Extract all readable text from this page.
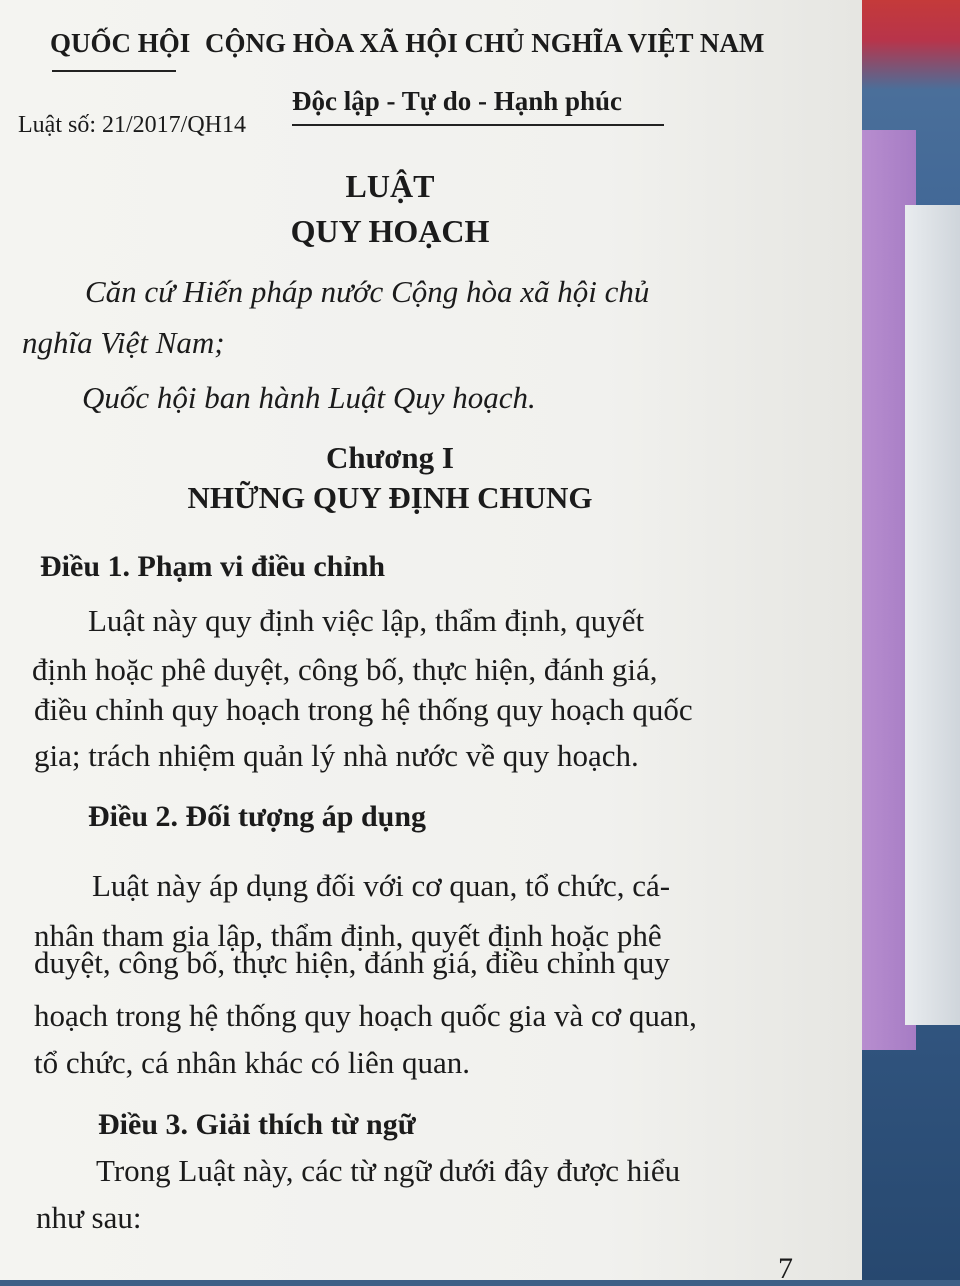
QUỐC HỘI CỘNG HÒA XÃ HỘI CHỦ NGHĨA VIỆT NAM
Độc lập - Tự do - Hạnh phúc
Luật số: 21/2017/QH14
LUẬT
QUY HOẠCH
Căn cứ Hiến pháp nước Cộng hòa xã hội chủ
nghĩa Việt Nam;
Quốc hội ban hành Luật Quy hoạch.
Chương I
NHỮNG QUY ĐỊNH CHUNG
Điều 1. Phạm vi điều chỉnh
Luật này quy định việc lập, thẩm định, quyết
định hoặc phê duyệt, công bố, thực hiện, đánh giá,
điều chỉnh quy hoạch trong hệ thống quy hoạch quốc
gia; trách nhiệm quản lý nhà nước về quy hoạch.
Điều 2. Đối tượng áp dụng
Luật này áp dụng đối với cơ quan, tổ chức, cá-
nhân tham gia lập, thẩm định, quyết định hoặc phê
duyệt, công bố, thực hiện, đánh giá, điều chỉnh quy
hoạch trong hệ thống quy hoạch quốc gia và cơ quan,
tổ chức, cá nhân khác có liên quan.
Điều 3. Giải thích từ ngữ
Trong Luật này, các từ ngữ dưới đây được hiểu
như sau:
7
